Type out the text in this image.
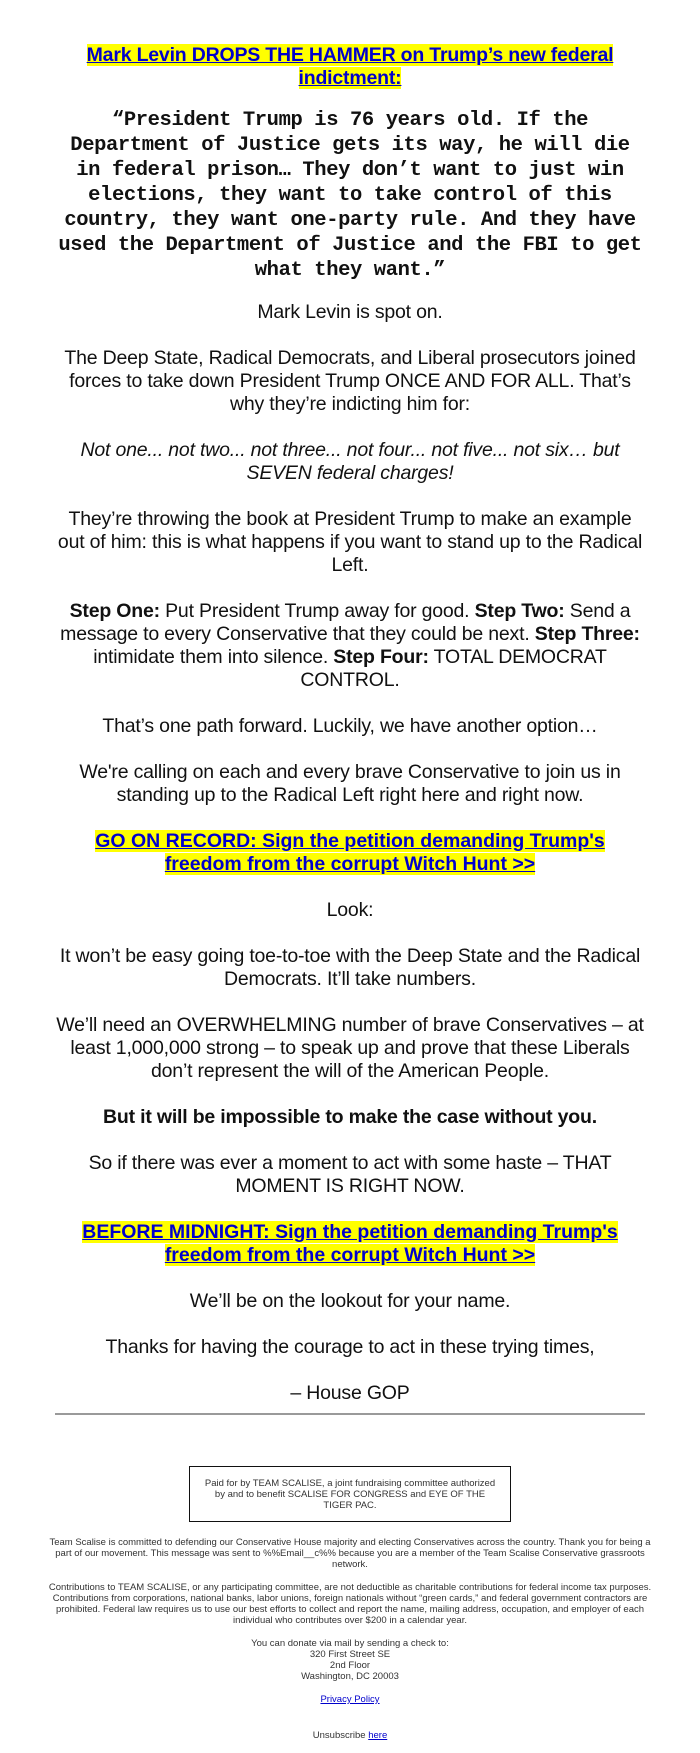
Mark Levin DROPS THE HAMMER on Trump’s new federal indictment:

“President Trump is 76 years old. If the Department of Justice gets its way, he will die in federal prison… They don’t want to just win elections, they want to take control of this country, they want one-party rule. And they have used the Department of Justice and the FBI to get what they want.”

Mark Levin is spot on.

The Deep State, Radical Democrats, and Liberal prosecutors joined forces to take down President Trump ONCE AND FOR ALL. That’s why they’re indicting him for:

Not one... not two... not three... not four... not five... not six… but SEVEN federal charges!

They’re throwing the book at President Trump to make an example out of him: this is what happens if you want to stand up to the Radical Left.

Step One: Put President Trump away for good. Step Two: Send a message to every Conservative that they could be next. Step Three: intimidate them into silence. Step Four: TOTAL DEMOCRAT CONTROL.

That’s one path forward. Luckily, we have another option…

We're calling on each and every brave Conservative to join us in standing up to the Radical Left right here and right now.

GO ON RECORD: Sign the petition demanding Trump's freedom from the corrupt Witch Hunt >>

Look:

It won’t be easy going toe-to-toe with the Deep State and the Radical Democrats. It’ll take numbers.

We’ll need an OVERWHELMING number of brave Conservatives – at least 1,000,000 strong – to speak up and prove that these Liberals don’t represent the will of the American People.

But it will be impossible to make the case without you.

So if there was ever a moment to act with some haste – THAT MOMENT IS RIGHT NOW.

BEFORE MIDNIGHT: Sign the petition demanding Trump's freedom from the corrupt Witch Hunt >>

We’ll be on the lookout for your name.

Thanks for having the courage to act in these trying times,

– House GOP

Paid for by TEAM SCALISE, a joint fundraising committee authorized by and to benefit SCALISE FOR CONGRESS and EYE OF THE TIGER PAC.

Team Scalise is committed to defending our Conservative House majority and electing Conservatives across the country. Thank you for being a part of our movement. This message was sent to %%Email__c%% because you are a member of the Team Scalise Conservative grassroots network.

Contributions to TEAM SCALISE, or any participating committee, are not deductible as charitable contributions for federal income tax purposes. Contributions from corporations, national banks, labor unions, foreign nationals without “green cards,” and federal government contractors are prohibited. Federal law requires us to use our best efforts to collect and report the name, mailing address, occupation, and employer of each individual who contributes over $200 in a calendar year.

You can donate via mail by sending a check to:
320 First Street SE
2nd Floor
Washington, DC 20003

Privacy Policy

Unsubscribe here
